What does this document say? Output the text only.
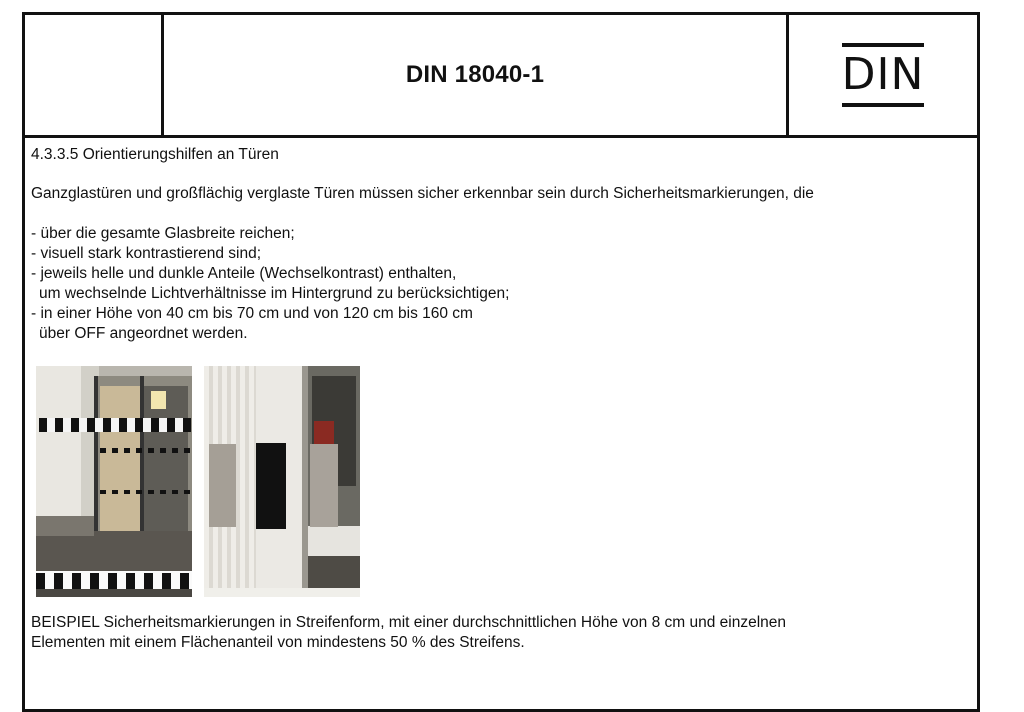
DIN 18040-1	DIN

4.3.3.5 Orientierungshilfen an Türen

Ganzglastüren und großflächig verglaste Türen müssen sicher erkennbar sein durch Sicherheitsmarkierungen, die

- über die gesamte Glasbreite reichen;
- visuell stark kontrastierend sind;
- jeweils helle und dunkle Anteile (Wechselkontrast) enthalten,
um wechselnde Lichtverhältnisse im Hintergrund zu berücksichtigen;
- in einer Höhe von 40 cm bis 70 cm und von 120 cm bis 160 cm
über OFF angeordnet werden.
BEISPIEL Sicherheitsmarkierungen in Streifenform, mit einer durchschnittlichen Höhe von 8 cm und einzelnen
Elementen mit einem Flächenanteil von mindestens 50 % des Streifens.
